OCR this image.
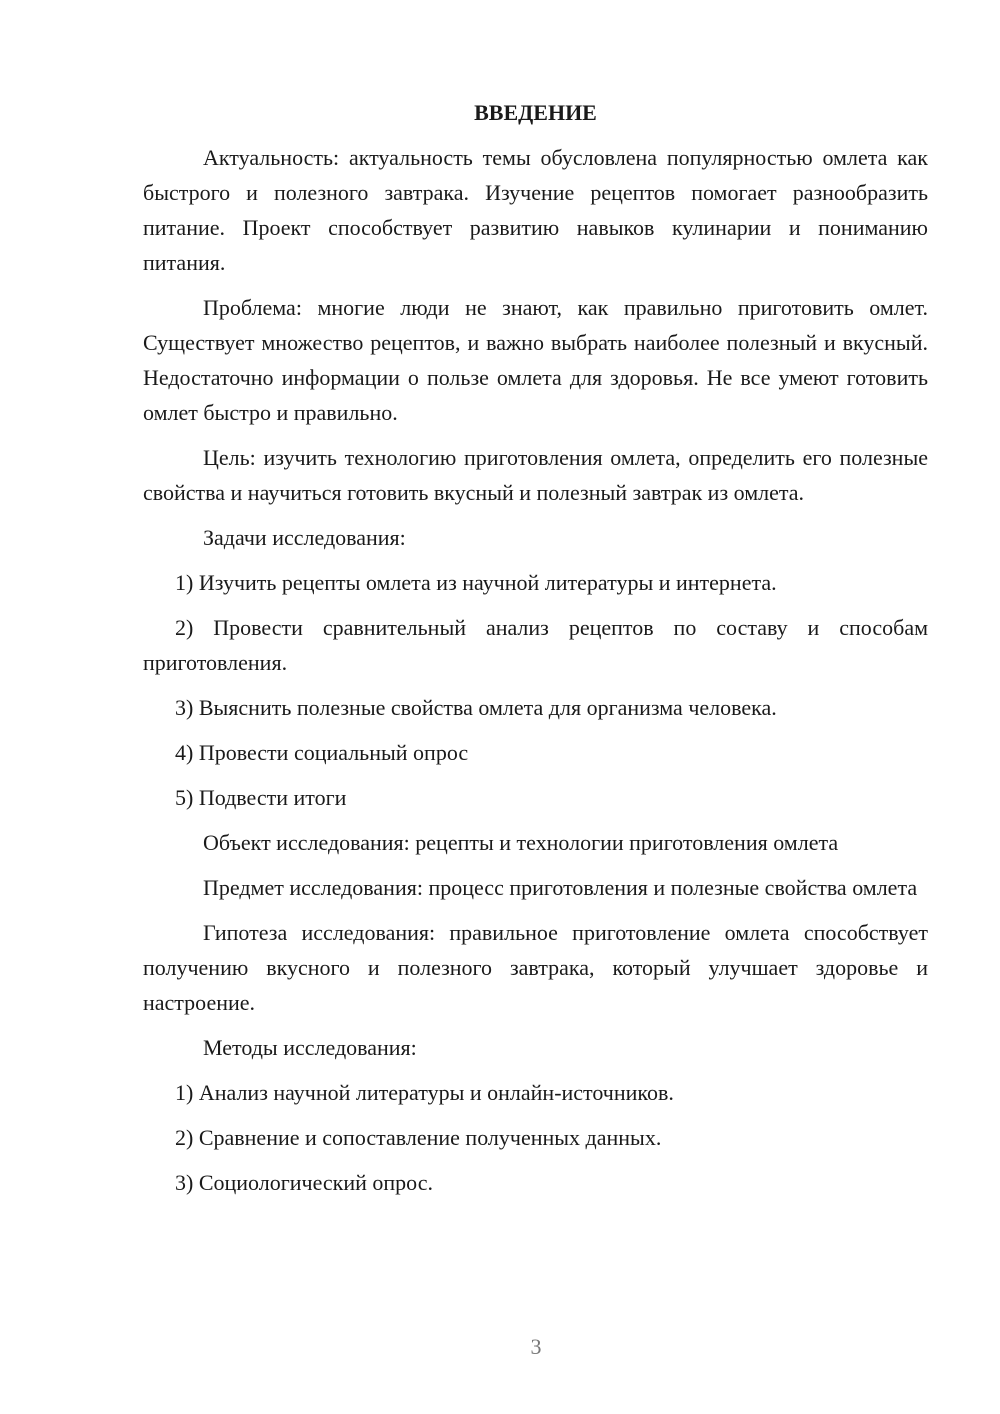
ВВЕДЕНИЕ

Актуальность: актуальность темы обусловлена популярностью омлета как быстрого и полезного завтрака. Изучение рецептов помогает разнообразить питание. Проект способствует развитию навыков кулинарии и пониманию питания.

Проблема: многие люди не знают, как правильно приготовить омлет. Существует множество рецептов, и важно выбрать наиболее полезный и вкусный. Недостаточно информации о пользе омлета для здоровья. Не все умеют готовить омлет быстро и правильно.

Цель: изучить технологию приготовления омлета, определить его полезные свойства и научиться готовить вкусный и полезный завтрак из омлета.

Задачи исследования:

1) Изучить рецепты омлета из научной литературы и интернета.

2) Провести сравнительный анализ рецептов по составу и способам приготовления.

3) Выяснить полезные свойства омлета для организма человека.

4) Провести социальный опрос

5) Подвести итоги

Объект исследования: рецепты и технологии приготовления омлета

Предмет исследования: процесс приготовления и полезные свойства омлета

Гипотеза исследования: правильное приготовление омлета способствует получению вкусного и полезного завтрака, который улучшает здоровье и настроение.

Методы исследования:

1) Анализ научной литературы и онлайн-источников.

2) Сравнение и сопоставление полученных данных.

3) Социологический опрос.

3
